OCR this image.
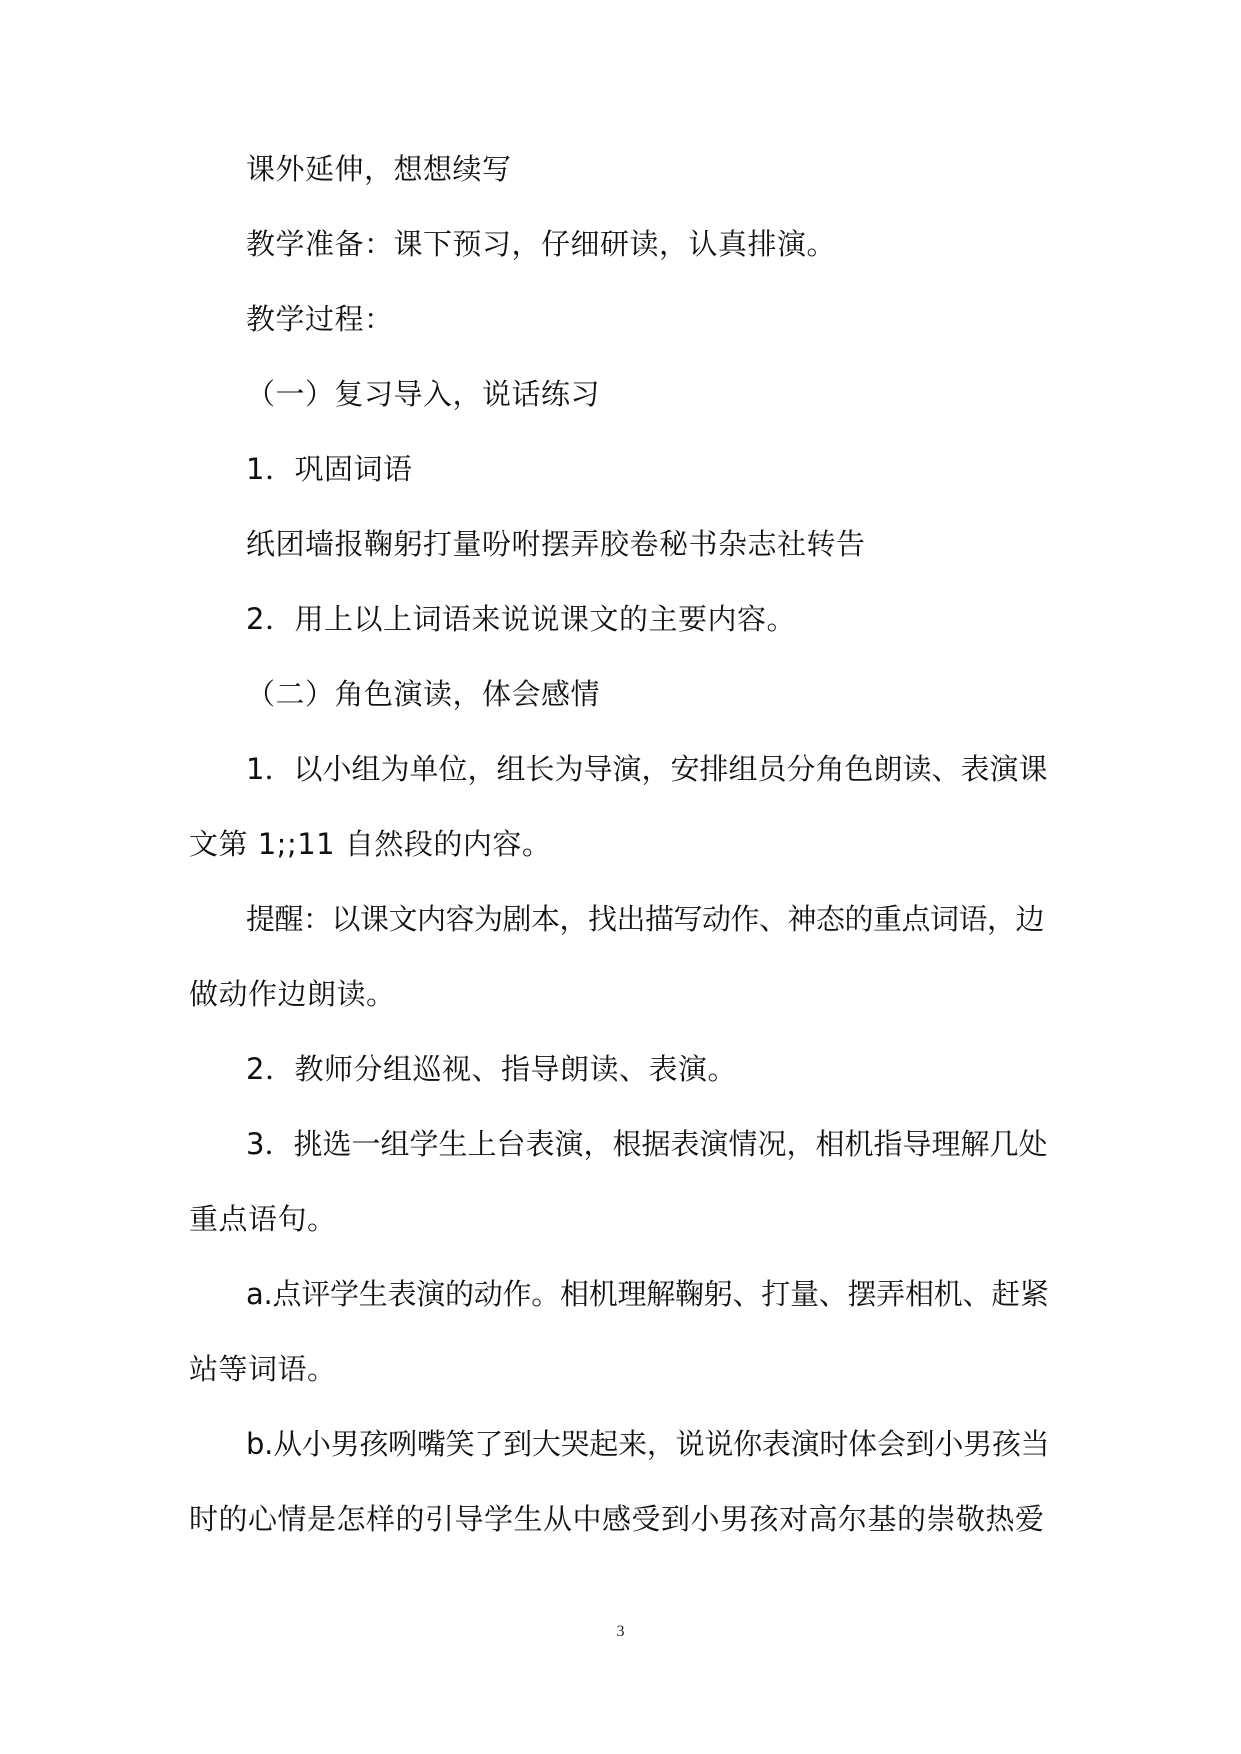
课外延伸，想想续写
教学准备：课下预习，仔细研读，认真排演。
教学过程：
（一）复习导入，说话练习
1．巩固词语
纸团墙报鞠躬打量吩咐摆弄胶卷秘书杂志社转告
2．用上以上词语来说说课文的主要内容。
（二）角色演读，体会感情
1．以小组为单位，组长为导演，安排组员分角色朗读、表演课
文第 1;;11 自然段的内容。
提醒：以课文内容为剧本，找出描写动作、神态的重点词语，边
做动作边朗读。
2．教师分组巡视、指导朗读、表演。
3．挑选一组学生上台表演，根据表演情况，相机指导理解几处
重点语句。
a.点评学生表演的动作。相机理解鞠躬、打量、摆弄相机、赶紧
站等词语。
b.从小男孩咧嘴笑了到大哭起来，说说你表演时体会到小男孩当
时的心情是怎样的引导学生从中感受到小男孩对高尔基的崇敬热爱
3
